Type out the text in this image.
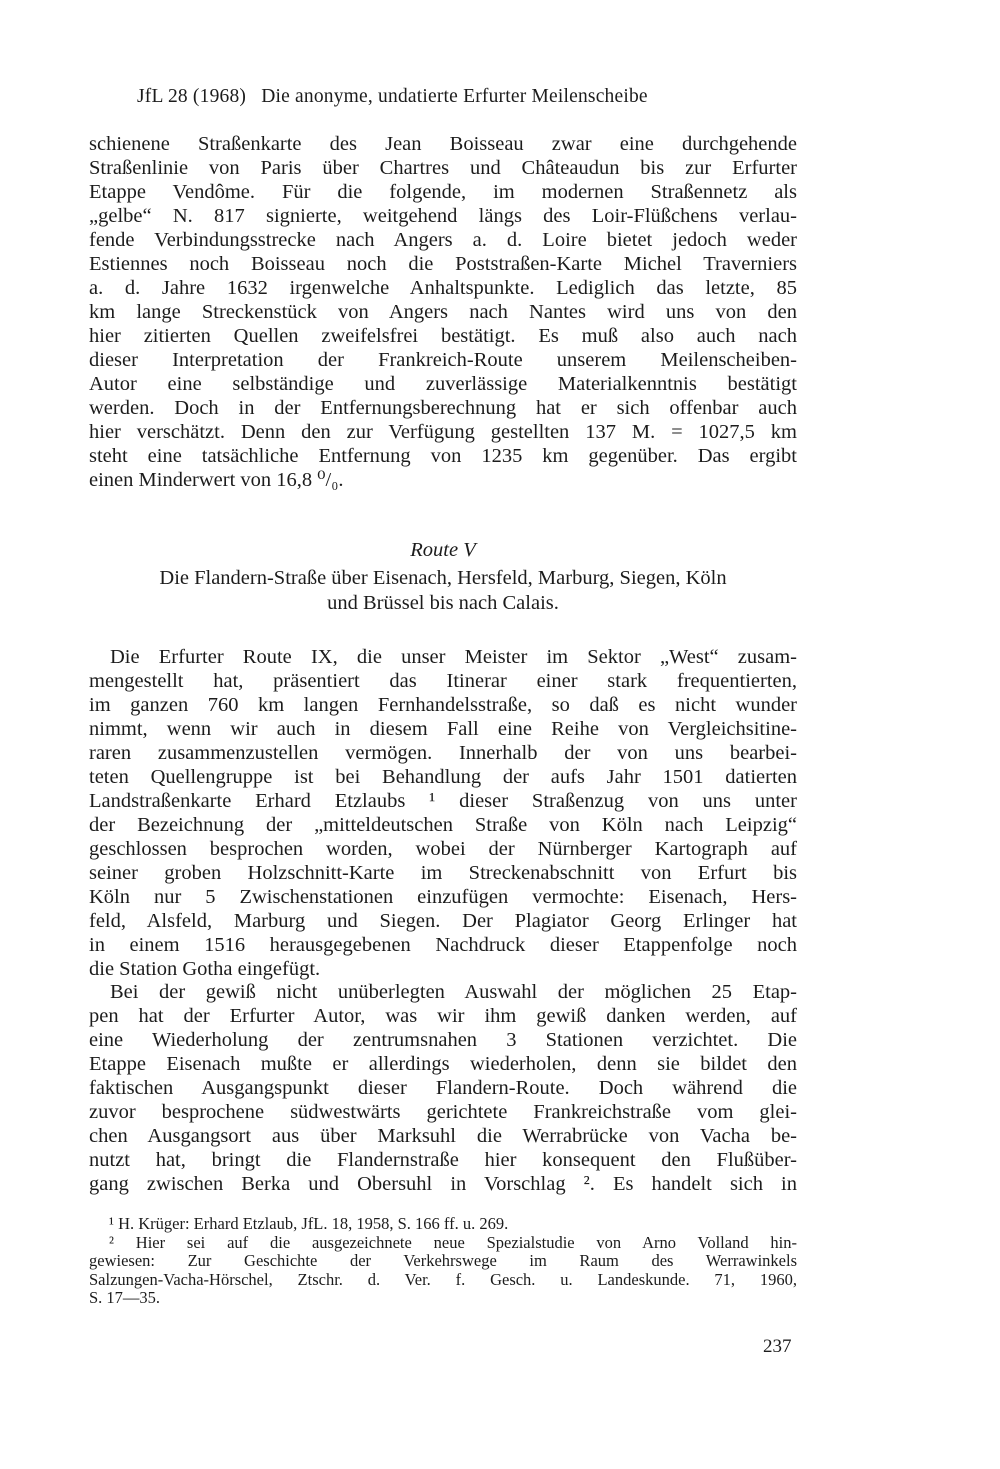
JfL 28 (1968) Die anonyme, undatierte Erfurter Meilenscheibe
schienene Straßenkarte des Jean Boisseau zwar eine durchgehende
Straßenlinie von Paris über Chartres und Châteaudun bis zur Erfurter
Etappe Vendôme. Für die folgende, im modernen Straßennetz als
„gelbe“ N. 817 signierte, weitgehend längs des Loir-Flüßchens verlau-
fende Verbindungsstrecke nach Angers a. d. Loire bietet jedoch weder
Estiennes noch Boisseau noch die Poststraßen-Karte Michel Traverniers
a. d. Jahre 1632 irgenwelche Anhaltspunkte. Lediglich das letzte, 85
km lange Streckenstück von Angers nach Nantes wird uns von den
hier zitierten Quellen zweifelsfrei bestätigt. Es muß also auch nach
dieser Interpretation der Frankreich-Route unserem Meilenscheiben-
Autor eine selbständige und zuverlässige Materialkenntnis bestätigt
werden. Doch in der Entfernungsberechnung hat er sich offenbar auch
hier verschätzt. Denn den zur Verfügung gestellten 137 M. = 1027,5 km
steht eine tatsächliche Entfernung von 1235 km gegenüber. Das ergibt
einen Minderwert von 16,8 ⁰/₀.
Route V
Die Flandern-Straße über Eisenach, Hersfeld, Marburg, Siegen, Köln
und Brüssel bis nach Calais.
Die Erfurter Route IX, die unser Meister im Sektor „West“ zusam-
mengestellt hat, präsentiert das Itinerar einer stark frequentierten,
im ganzen 760 km langen Fernhandelsstraße, so daß es nicht wunder
nimmt, wenn wir auch in diesem Fall eine Reihe von Vergleichsitine-
raren zusammenzustellen vermögen. Innerhalb der von uns bearbei-
teten Quellengruppe ist bei Behandlung der aufs Jahr 1501 datierten
Landstraßenkarte Erhard Etzlaubs ¹ dieser Straßenzug von uns unter
der Bezeichnung der „mitteldeutschen Straße von Köln nach Leipzig“
geschlossen besprochen worden, wobei der Nürnberger Kartograph auf
seiner groben Holzschnitt-Karte im Streckenabschnitt von Erfurt bis
Köln nur 5 Zwischenstationen einzufügen vermochte: Eisenach, Hers-
feld, Alsfeld, Marburg und Siegen. Der Plagiator Georg Erlinger hat
in einem 1516 herausgegebenen Nachdruck dieser Etappenfolge noch
die Station Gotha eingefügt.
Bei der gewiß nicht unüberlegten Auswahl der möglichen 25 Etap-
pen hat der Erfurter Autor, was wir ihm gewiß danken werden, auf
eine Wiederholung der zentrumsnahen 3 Stationen verzichtet. Die
Etappe Eisenach mußte er allerdings wiederholen, denn sie bildet den
faktischen Ausgangspunkt dieser Flandern-Route. Doch während die
zuvor besprochene südwestwärts gerichtete Frankreichstraße vom glei-
chen Ausgangsort aus über Marksuhl die Werrabrücke von Vacha be-
nutzt hat, bringt die Flandernstraße hier konsequent den Flußüber-
gang zwischen Berka und Obersuhl in Vorschlag ². Es handelt sich in
¹ H. Krüger: Erhard Etzlaub, JfL. 18, 1958, S. 166 ff. u. 269.
² Hier sei auf die ausgezeichnete neue Spezialstudie von Arno Volland hin-
gewiesen: Zur Geschichte der Verkehrswege im Raum des Werrawinkels
Salzungen-Vacha-Hörschel, Ztschr. d. Ver. f. Gesch. u. Landeskunde. 71, 1960,
S. 17—35.
237
